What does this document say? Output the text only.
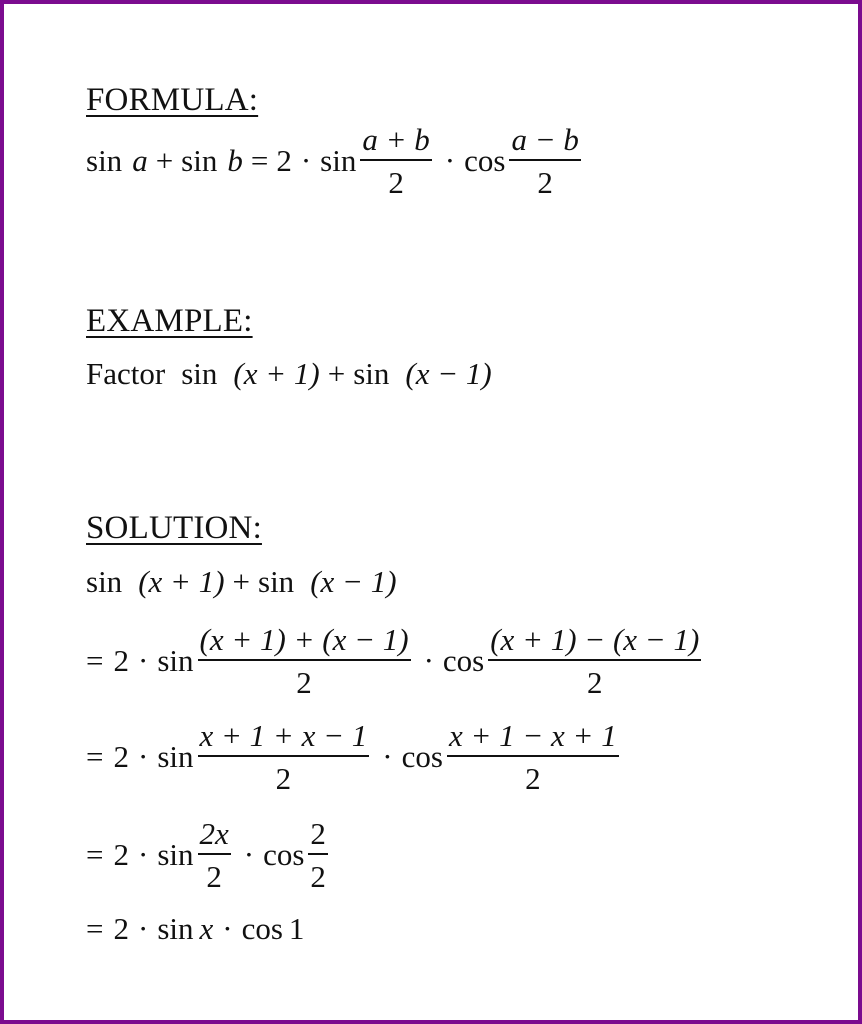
FORMULA:
$\sin a + \sin b = 2 \cdot \sin \frac{a + b}{2} \cdot \cos \frac{a - b}{2}$
EXAMPLE:
Factor sin (x + 1) + sin (x − 1)
SOLUTION:
sin (x + 1) + sin (x − 1)
= $2 \cdot \sin \frac{(x + 1) + (x - 1)}{2} \cdot \cos \frac{(x + 1) - (x - 1)}{2}$
= $2 \cdot \sin \frac{x + 1 + x - 1}{2} \cdot \cos \frac{x + 1 - x + 1}{2}$
= $2 \cdot \sin \frac{2x}{2} \cdot \cos \frac{2}{2}$
= 2 · sin x · cos 1
